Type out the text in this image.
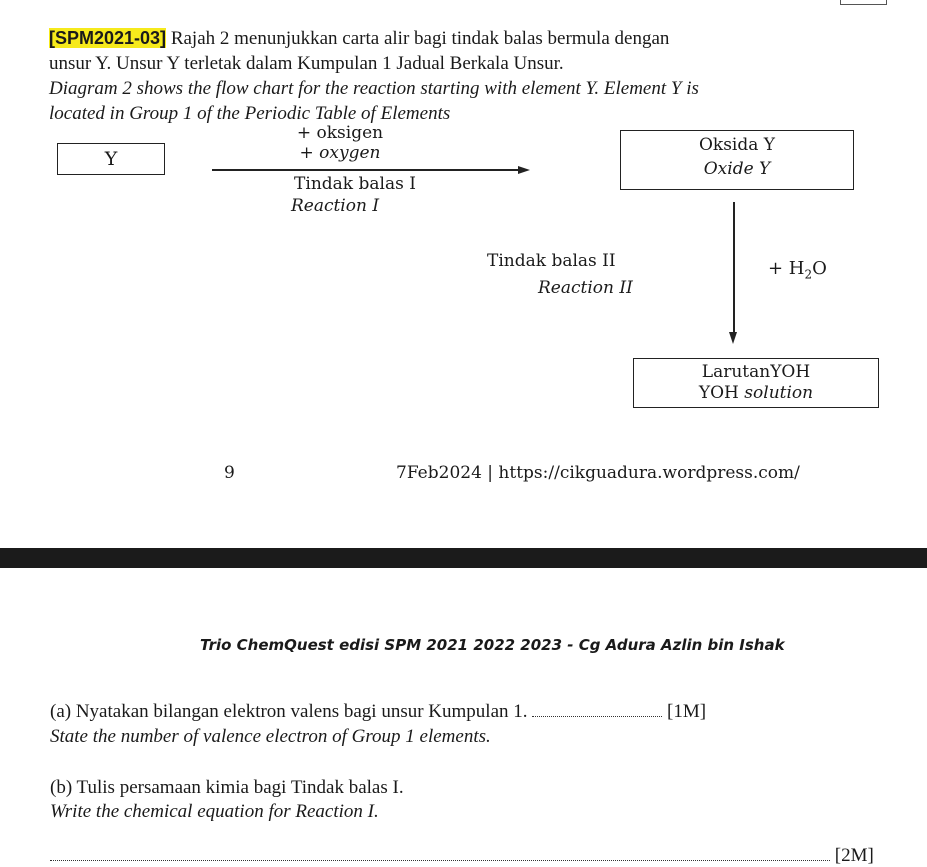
[SPM2021-03] Rajah 2 menunjukkan carta alir bagi tindak balas bermula dengan
unsur Y. Unsur Y terletak dalam Kumpulan 1 Jadual Berkala Unsur.
Diagram 2 shows the flow chart for the reaction starting with element Y. Element Y is
located in Group 1 of the Periodic Table of Elements
Y
+ oksigen
+ oxygen
Tindak balas I
Reaction I
Oksida Y
Oxide Y
Tindak balas II
Reaction II
+ $H_2O$
LarutanYOH
YOH solution
9	7Feb2024 | https://cikguadura.wordpress.com/
Trio ChemQuest edisi SPM 2021 2022 2023 - Cg Adura Azlin bin Ishak
(a) Nyatakan bilangan elektron valens bagi unsur Kumpulan 1.	[1M]
State the number of valence electron of Group 1 elements.
(b) Tulis persamaan kimia bagi Tindak balas I.
Write the chemical equation for Reaction I.
[2M]
